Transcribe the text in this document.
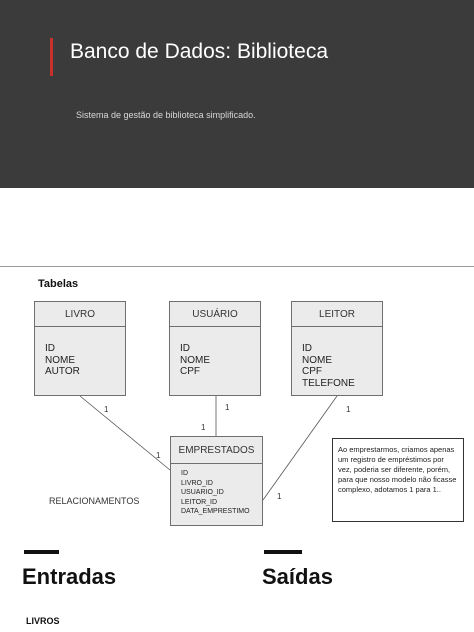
Banco de Dados: Biblioteca
Sistema de gestão de biblioteca simplificado.
Tabelas
LIVRO
ID
NOME
AUTOR
USUÁRIO
ID
NOME
CPF
LEITOR
ID
NOME
CPF
TELEFONE
EMPRESTADOS
ID
LIVRO_ID
USUARIO_ID
LEITOR_ID
DATA_EMPRESTIMO
1
1
1
1
1
1
RELACIONAMENTOS
Ao emprestarmos, criamos apenas um registro de empréstimos por vez, poderia ser diferente, porém, para que nosso modelo não ficasse complexo, adotamos 1 para 1..
Entradas	Saídas
LIVROS
